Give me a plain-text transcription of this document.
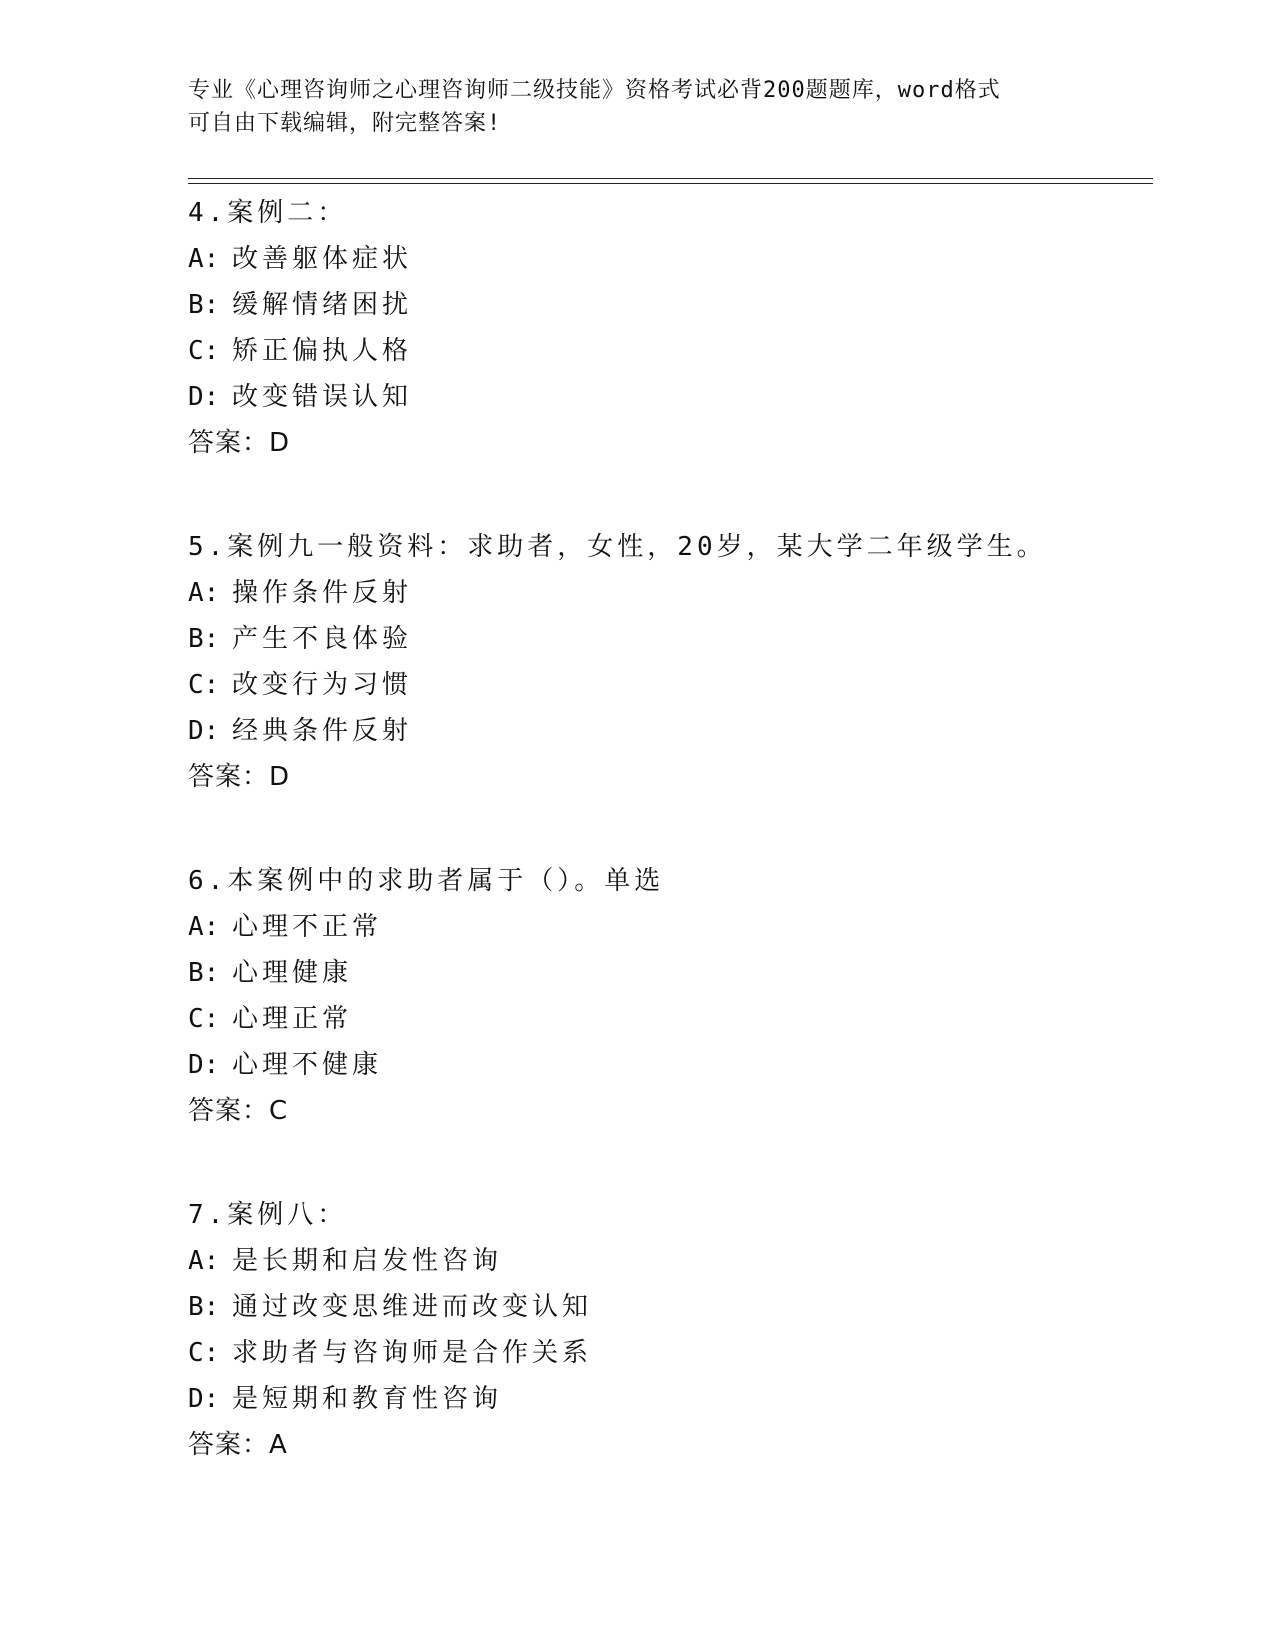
专业《心理咨询师之心理咨询师二级技能》资格考试必背200题题库，word格式
可自由下载编辑，附完整答案!
4.案例二：
A: 改善躯体症状
B: 缓解情绪困扰
C: 矫正偏执人格
D: 改变错误认知
答案：D
5.案例九一般资料：求助者，女性，20岁，某大学二年级学生。
A: 操作条件反射
B: 产生不良体验
C: 改变行为习惯
D: 经典条件反射
答案：D
6.本案例中的求助者属于（）。单选
A: 心理不正常
B: 心理健康
C: 心理正常
D: 心理不健康
答案：C
7.案例八：
A: 是长期和启发性咨询
B: 通过改变思维进而改变认知
C: 求助者与咨询师是合作关系
D: 是短期和教育性咨询
答案：A
